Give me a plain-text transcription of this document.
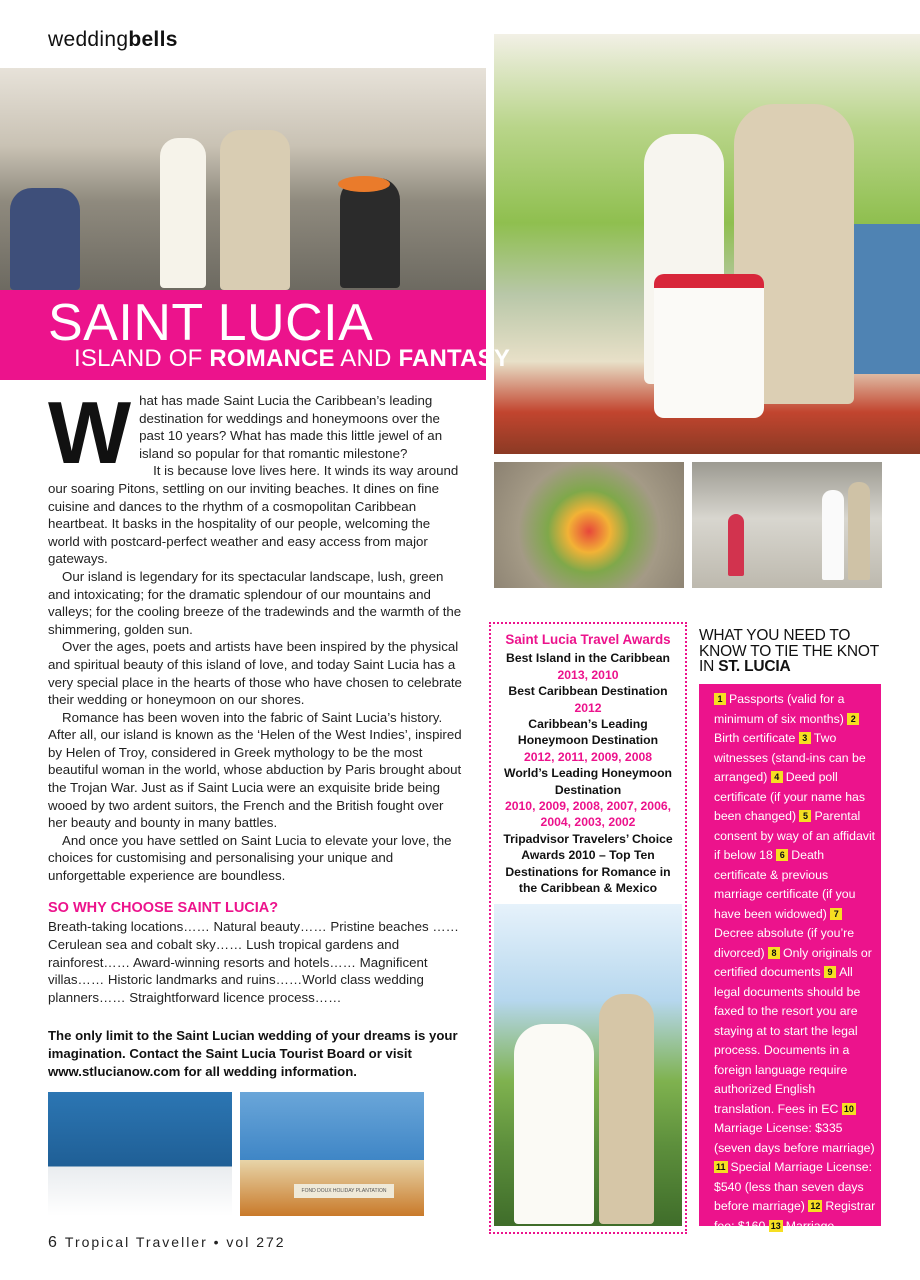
weddingbells
FOND DOUX HOLIDAY PLANTATION
SAINT LUCIA
ISLAND OF ROMANCE AND FANTASY

What has made Saint Lucia the Caribbean’s leading destination for weddings and honeymoons over the past 10 years? What has made this little jewel of an island so popular for that romantic milestone?

It is because love lives here. It winds its way around our soaring Pitons, settling on our inviting beaches. It dines on fine cuisine and dances to the rhythm of a cosmopolitan Caribbean heartbeat. It basks in the hospitality of our people, welcoming the world with postcard-perfect weather and easy access from major gateways.

Our island is legendary for its spectacular landscape, lush, green and intoxicating; for the dramatic splendour of our mountains and valleys; for the cooling breeze of the tradewinds and the warmth of the shimmering, golden sun.

Over the ages, poets and artists have been inspired by the physical and spiritual beauty of this island of love, and today Saint Lucia has a very special place in the hearts of those who have chosen to celebrate their wedding or honeymoon on our shores.

Romance has been woven into the fabric of Saint Lucia’s history. After all, our island is known as the ‘Helen of the West Indies’, inspired by Helen of Troy, considered in Greek mythology to be the most beautiful woman in the world, whose abduction by Paris brought about the Trojan War. Just as if Saint Lucia were an exquisite bride being wooed by two ardent suitors, the French and the British fought over her beauty and bounty in many battles.

And once you have settled on Saint Lucia to elevate your love, the choices for customising and personalising your unique and unforgettable experience are boundless.

SO WHY CHOOSE SAINT LUCIA?
Breath-taking locations…… Natural beauty…… Pristine beaches …… Cerulean sea and cobalt sky…… Lush tropical gardens and rainforest…… Award-winning resorts and hotels…… Magnificent villas…… Historic landmarks and ruins……World class wedding planners…… Straightforward licence process……
The only limit to the Saint Lucian wedding of your dreams is your imagination. Contact the Saint Lucia Tourist Board or visit www.stlucianow.com for all wedding information.
Saint Lucia Travel Awards
Best Island in the Caribbean
2013, 2010
Best Caribbean Destination
2012
Caribbean’s Leading Honeymoon Destination
2012, 2011, 2009, 2008
World’s Leading Honeymoon Destination
2010, 2009, 2008, 2007, 2006, 2004, 2003, 2002
Tripadvisor Travelers’ Choice Awards 2010 – Top Ten Destinations for Romance in the Caribbean & Mexico
WHAT YOU NEED TO
KNOW TO TIE THE KNOT
IN ST. LUCIA
1 Passports (valid for a minimum of six months) 2Birth certificate 3 Two witnesses (stand-ins can be arranged) 4 Deed poll certificate (if your name has been changed) 5 Parental consent by way of an affidavit if below 18 6 Death certificate & previous marriage certificate (if you have been widowed) 7Decree absolute (if you’re divorced) 8 Only originals or certified documents 9 All legal documents should be faxed to the resort you are staying at to start the legal process. Documents in a foreign language require authorized English translation. Fees in EC 10Marriage License: $335 (seven days before marriage) 11 Special Marriage License: $540 (less than seven days before marriage) 12 Registrar fee: $160 13 Marriage Certificate: $8
6 Tropical Traveller • vol 272
